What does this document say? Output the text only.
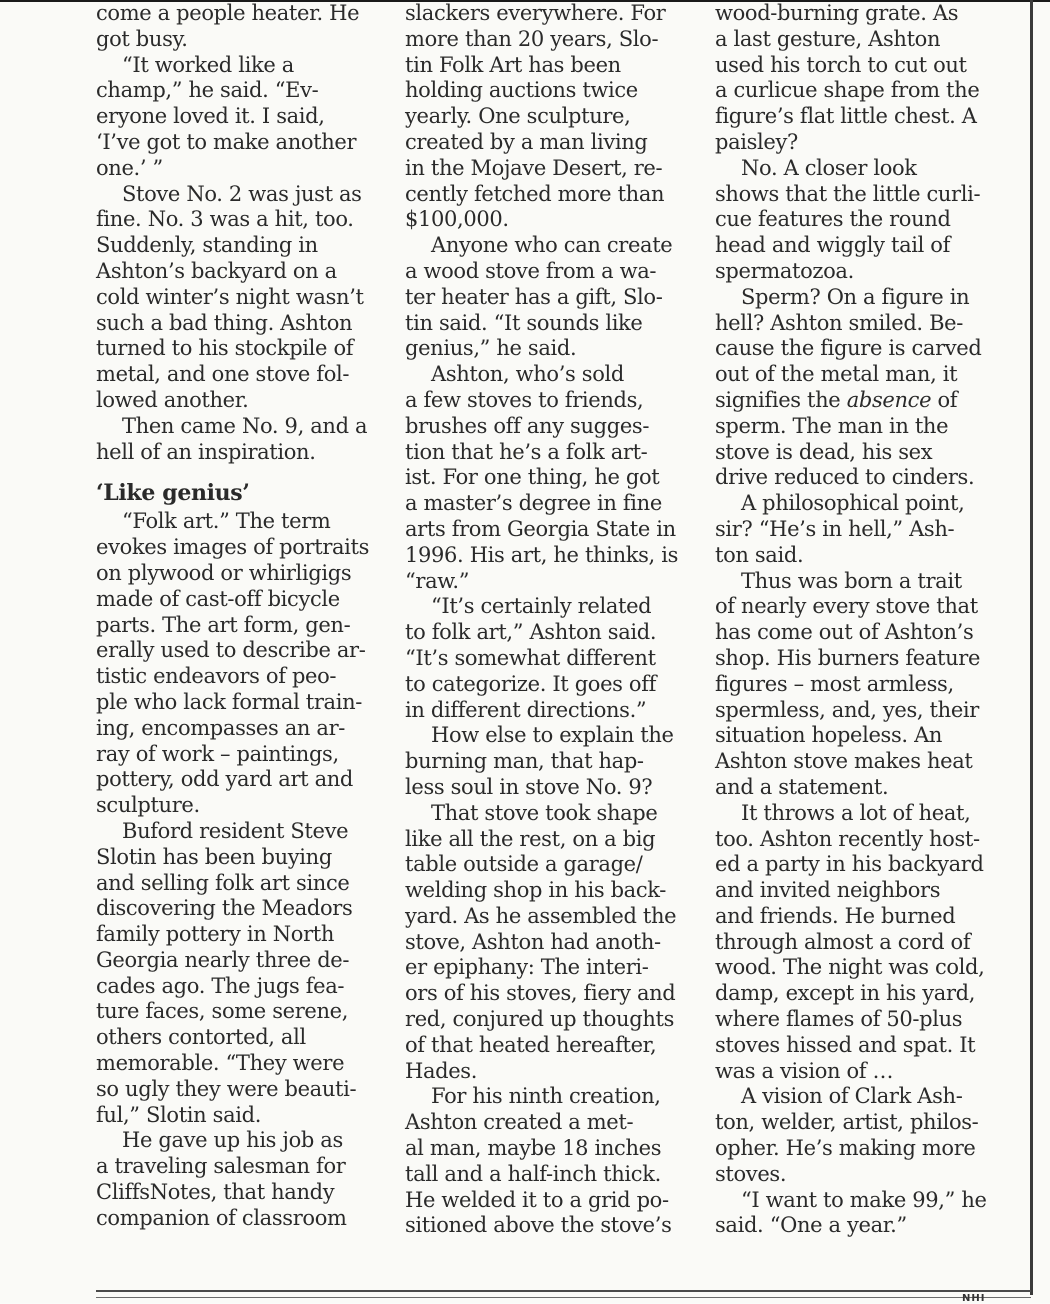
NHI
come a people heater. He
got busy.
“It worked like a
champ,” he said. “Ev-
eryone loved it. I said,
‘I’ve got to make another
one.’ ”
Stove No. 2 was just as
fine. No. 3 was a hit, too.
Suddenly, standing in
Ashton’s backyard on a
cold winter’s night wasn’t
such a bad thing. Ashton
turned to his stockpile of
metal, and one stove fol-
lowed another.
Then came No. 9, and a
hell of an inspiration.
‘Like genius’
“Folk art.” The term
evokes images of portraits
on plywood or whirligigs
made of cast-off bicycle
parts. The art form, gen-
erally used to describe ar-
tistic endeavors of peo-
ple who lack formal train-
ing, encompasses an ar-
ray of work – paintings,
pottery, odd yard art and
sculpture.
Buford resident Steve
Slotin has been buying
and selling folk art since
discovering the Meadors
family pottery in North
Georgia nearly three de-
cades ago. The jugs fea-
ture faces, some serene,
others contorted, all
memorable. “They were
so ugly they were beauti-
ful,” Slotin said.
He gave up his job as
a traveling salesman for
CliffsNotes, that handy
companion of classroom
slackers everywhere. For
more than 20 years, Slo-
tin Folk Art has been
holding auctions twice
yearly. One sculpture,
created by a man living
in the Mojave Desert, re-
cently fetched more than
$100,000.
Anyone who can create
a wood stove from a wa-
ter heater has a gift, Slo-
tin said. “It sounds like
genius,” he said.
Ashton, who’s sold
a few stoves to friends,
brushes off any sugges-
tion that he’s a folk art-
ist. For one thing, he got
a master’s degree in fine
arts from Georgia State in
1996. His art, he thinks, is
“raw.”
“It’s certainly related
to folk art,” Ashton said.
“It’s somewhat different
to categorize. It goes off
in different directions.”
How else to explain the
burning man, that hap-
less soul in stove No. 9?
That stove took shape
like all the rest, on a big
table outside a garage/
welding shop in his back-
yard. As he assembled the
stove, Ashton had anoth-
er epiphany: The interi-
ors of his stoves, fiery and
red, conjured up thoughts
of that heated hereafter,
Hades.
For his ninth creation,
Ashton created a met-
al man, maybe 18 inches
tall and a half-inch thick.
He welded it to a grid po-
sitioned above the stove’s
wood-burning grate. As
a last gesture, Ashton
used his torch to cut out
a curlicue shape from the
figure’s flat little chest. A
paisley?
No. A closer look
shows that the little curli-
cue features the round
head and wiggly tail of
spermatozoa.
Sperm? On a figure in
hell? Ashton smiled. Be-
cause the figure is carved
out of the metal man, it
signifies the absence of
sperm. The man in the
stove is dead, his sex
drive reduced to cinders.
A philosophical point,
sir? “He’s in hell,” Ash-
ton said.
Thus was born a trait
of nearly every stove that
has come out of Ashton’s
shop. His burners feature
figures – most armless,
spermless, and, yes, their
situation hopeless. An
Ashton stove makes heat
and a statement.
It throws a lot of heat,
too. Ashton recently host-
ed a party in his backyard
and invited neighbors
and friends. He burned
through almost a cord of
wood. The night was cold,
damp, except in his yard,
where flames of 50-plus
stoves hissed and spat. It
was a vision of …
A vision of Clark Ash-
ton, welder, artist, philos-
opher. He’s making more
stoves.
“I want to make 99,” he
said. “One a year.”
